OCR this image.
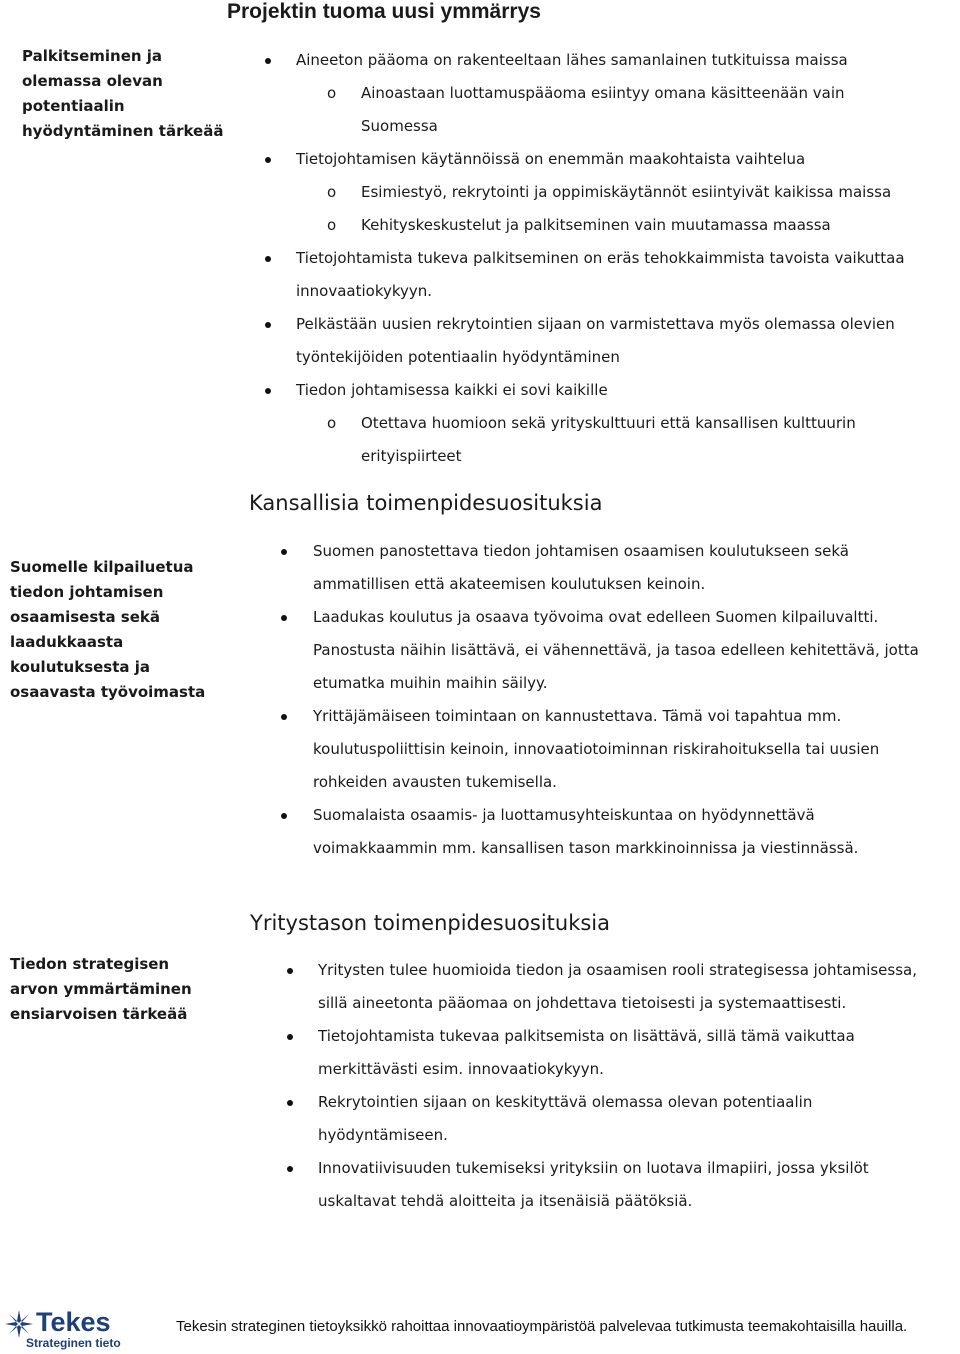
Projektin tuoma uusi ymmärrys
Palkitseminen ja
olemassa olevan
potentiaalin
hyödyntäminen tärkeää
Aineeton pääoma on rakenteeltaan lähes samanlainen tutkituissa maissa
o Ainoastaan luottamuspääoma esiintyy omana käsitteenään vain
Suomessa
Tietojohtamisen käytännöissä on enemmän maakohtaista vaihtelua
o Esimiestyö, rekrytointi ja oppimiskäytännöt esiintyivät kaikissa maissa
o Kehityskeskustelut ja palkitseminen vain muutamassa maassa
Tietojohtamista tukeva palkitseminen on eräs tehokkaimmista tavoista vaikuttaa
innovaatiokykyyn.
Pelkästään uusien rekrytointien sijaan on varmistettava myös olemassa olevien
työntekijöiden potentiaalin hyödyntäminen
Tiedon johtamisessa kaikki ei sovi kaikille
o Otettava huomioon sekä yrityskulttuuri että kansallisen kulttuurin
erityispiirteet
Kansallisia toimenpidesuosituksia
Suomelle kilpailuetua
tiedon johtamisen
osaamisesta sekä
laadukkaasta
koulutuksesta ja
osaavasta työvoimasta
Suomen panostettava tiedon johtamisen osaamisen koulutukseen sekä
ammatillisen että akateemisen koulutuksen keinoin.
Laadukas koulutus ja osaava työvoima ovat edelleen Suomen kilpailuvaltti.
Panostusta näihin lisättävä, ei vähennettävä, ja tasoa edelleen kehitettävä, jotta
etumatka muihin maihin säilyy.
Yrittäjämäiseen toimintaan on kannustettava. Tämä voi tapahtua mm.
koulutuspoliittisin keinoin, innovaatiotoiminnan riskirahoituksella tai uusien
rohkeiden avausten tukemisella.
Suomalaista osaamis- ja luottamusyhteiskuntaa on hyödynnettävä
voimakkaammin mm. kansallisen tason markkinoinnissa ja viestinnässä.
Yritystason toimenpidesuosituksia
Tiedon strategisen
arvon ymmärtäminen
ensiarvoisen tärkeää
Yritysten tulee huomioida tiedon ja osaamisen rooli strategisessa johtamisessa,
sillä aineetonta pääomaa on johdettava tietoisesti ja systemaattisesti.
Tietojohtamista tukevaa palkitsemista on lisättävä, sillä tämä vaikuttaa
merkittävästi esim. innovaatiokykyyn.
Rekrytointien sijaan on keskityttävä olemassa olevan potentiaalin
hyödyntämiseen.
Innovatiivisuuden tukemiseksi yrityksiin on luotava ilmapiiri, jossa yksilöt
uskaltavat tehdä aloitteita ja itsenäisiä päätöksiä.
Tekes
Strateginen tieto
Tekesin strateginen tietoyksikkö rahoittaa innovaatioympäristöä palvelevaa tutkimusta teemakohtaisilla hauilla.
